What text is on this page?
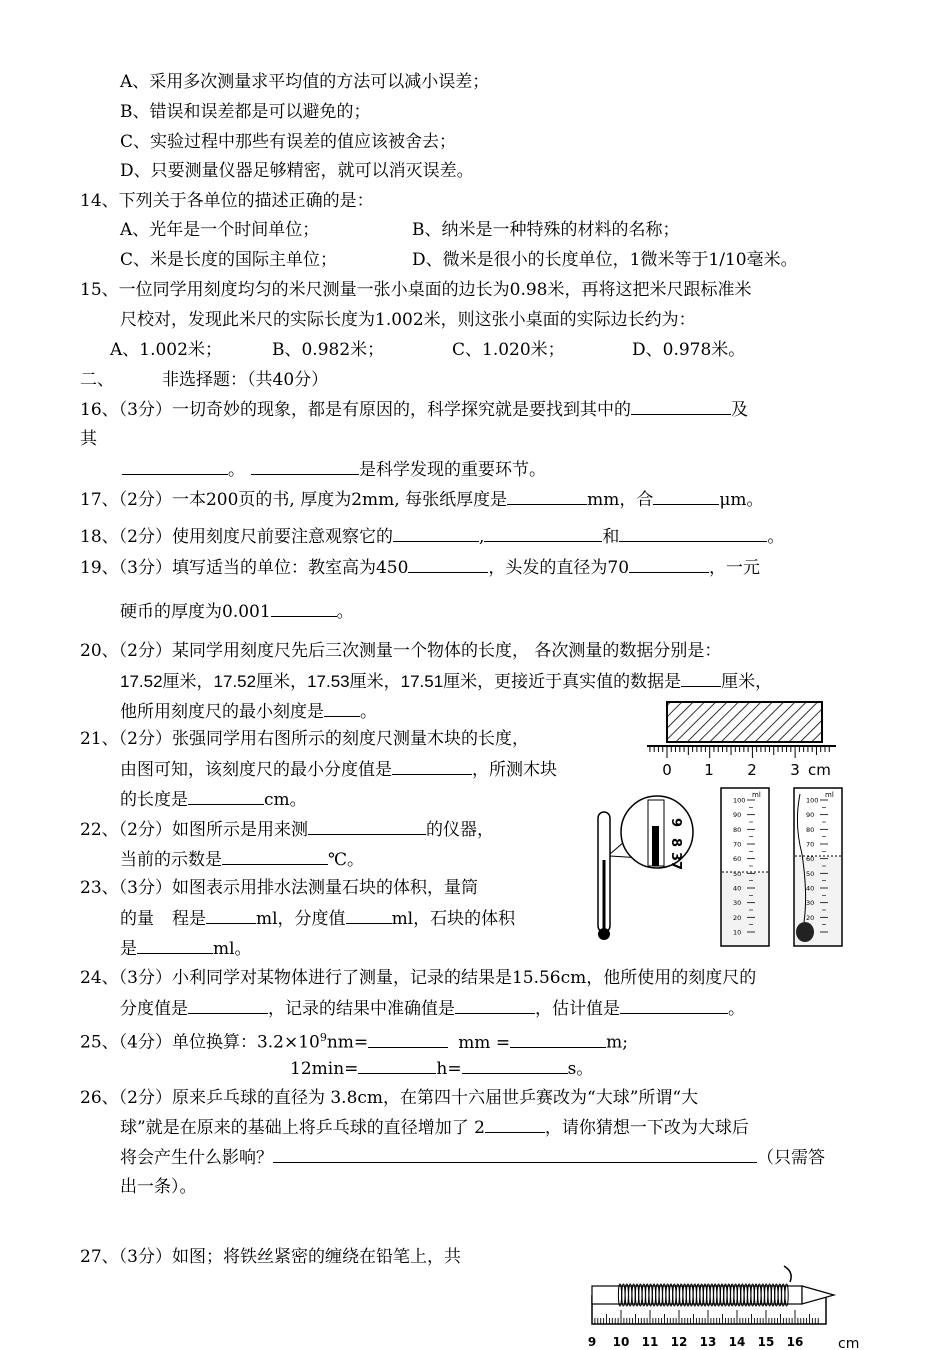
A、采用多次测量求平均值的方法可以减小误差；
B、错误和误差都是可以避免的；
C、实验过程中那些有误差的值应该被舍去；
D、只要测量仪器足够精密，就可以消灭误差。
14、下列关于各单位的描述正确的是：
A、光年是一个时间单位；	B、纳米是一种特殊的材料的名称；
C、米是长度的国际主单位；	D、微米是很小的长度单位，1微米等于1/10毫米。
15、一位同学用刻度均匀的米尺测量一张小桌面的边长为0.98米，再将这把米尺跟标准米
尺校对，发现此米尺的实际长度为1.002米，则这张小桌面的实际边长约为：
A、1.002米；	B、0.982米；	C、1.020米；	D、0.978米。
二、	非选择题：（共40分）
16、（3分）一切奇妙的现象，都是有原因的，科学探究就是要找到其中的	及
其
。	是科学发现的重要环节。
17、（2分）一本200页的书, 厚度为2mm, 每张纸厚度是	mm，合	μm。
18、（2分）使用刻度尺前要注意观察它的	,	和	。
19、（3分）填写适当的单位：教室高为450	，头发的直径为70	，一元
硬币的厚度为0.001	。
20、（2分）某同学用刻度尺先后三次测量一个物体的长度， 各次测量的数据分别是：
17.52厘米，17.52厘米，17.53厘米，17.51厘米，更接近于真实值的数据是 厘米，
他所用刻度尺的最小刻度是 。
21、（2分）张强同学用右图所示的刻度尺测量木块的长度，
由图可知，该刻度尺的最小分度值是	，所测木块
的长度是	cm。
22、（2分）如图所示是用来测	的仪器，
当前的示数是	℃。
23、（3分）如图表示用排水法测量石块的体积，量筒
的量 程是	ml，分度值	ml，石块的体积
是	ml。
24、（3分）小利同学对某物体进行了测量，记录的结果是15.56cm，他所使用的刻度尺的
分度值是	，记录的结果中准确值是	，估计值是	。
25、（4分）单位换算：$3.2\times 10^9nm=$	mm =	m;
12min=	h=	s。
26、（2分）原来乒乓球的直径为 3.8cm，在第四十六届世乒赛改为“大球”所谓“大
球”就是在原来的基础上将乒乓球的直径增加了 2	，请你猜想一下改为大球后
将会产生什么影响？	（只需答
出一条）。
27、（3分）如图；将铁丝紧密的缠绕在铅笔上，共
0 1 2 3 cm
9
8
37
ml
100
90
80
70
60
50
40
30
20
10
ml
100
90
80
70
60
50
40
30
20
9 10 11 12 13 14 15 16 cm
